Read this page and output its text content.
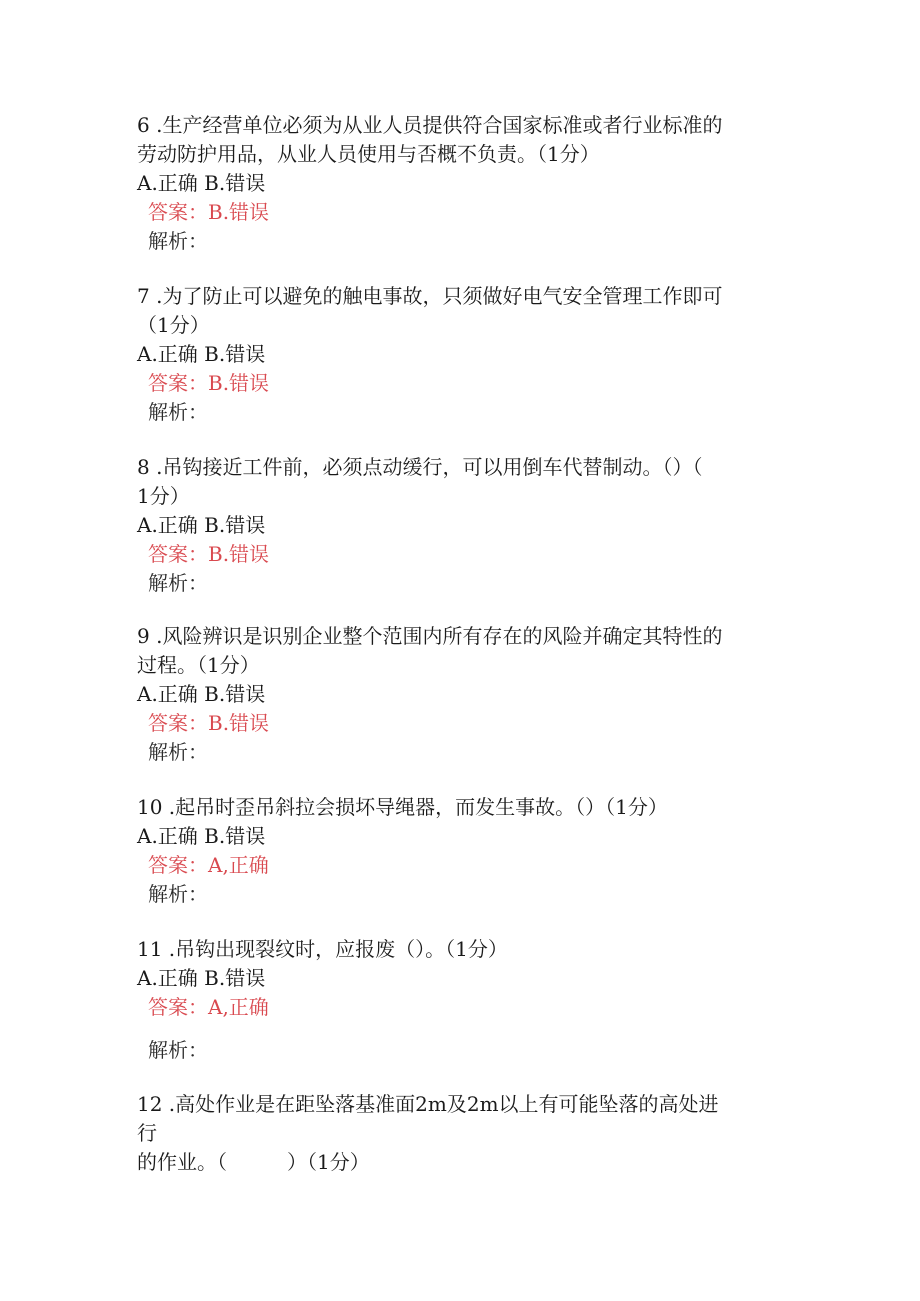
6 .生产经营单位必须为从业人员提供符合国家标准或者行业标准的
劳动防护用品，从业人员使用与否概不负责。（1分）
A.正确 B.错误
答案：B.错误
解析：
7 .为了防止可以避免的触电事故，只须做好电气安全管理工作即可
（1分）
A.正确 B.错误
答案：B.错误
解析：
8 .吊钩接近工件前，必须点动缓行，可以用倒车代替制动。（）（
1分）
A.正确 B.错误
答案：B.错误
解析：
9 .风险辨识是识别企业整个范围内所有存在的风险并确定其特性的
过程。（1分）
A.正确 B.错误
答案：B.错误
解析：
10 .起吊时歪吊斜拉会损坏导绳器，而发生事故。（）（1分）
A.正确 B.错误
答案：A,正确
解析：
11 .吊钩出现裂纹时，应报废（）。（1分）
A.正确 B.错误
答案：A,正确
解析：
12 .高处作业是在距坠落基准面2m及2m以上有可能坠落的高处进
行
的作业。（　　　）（1分）
